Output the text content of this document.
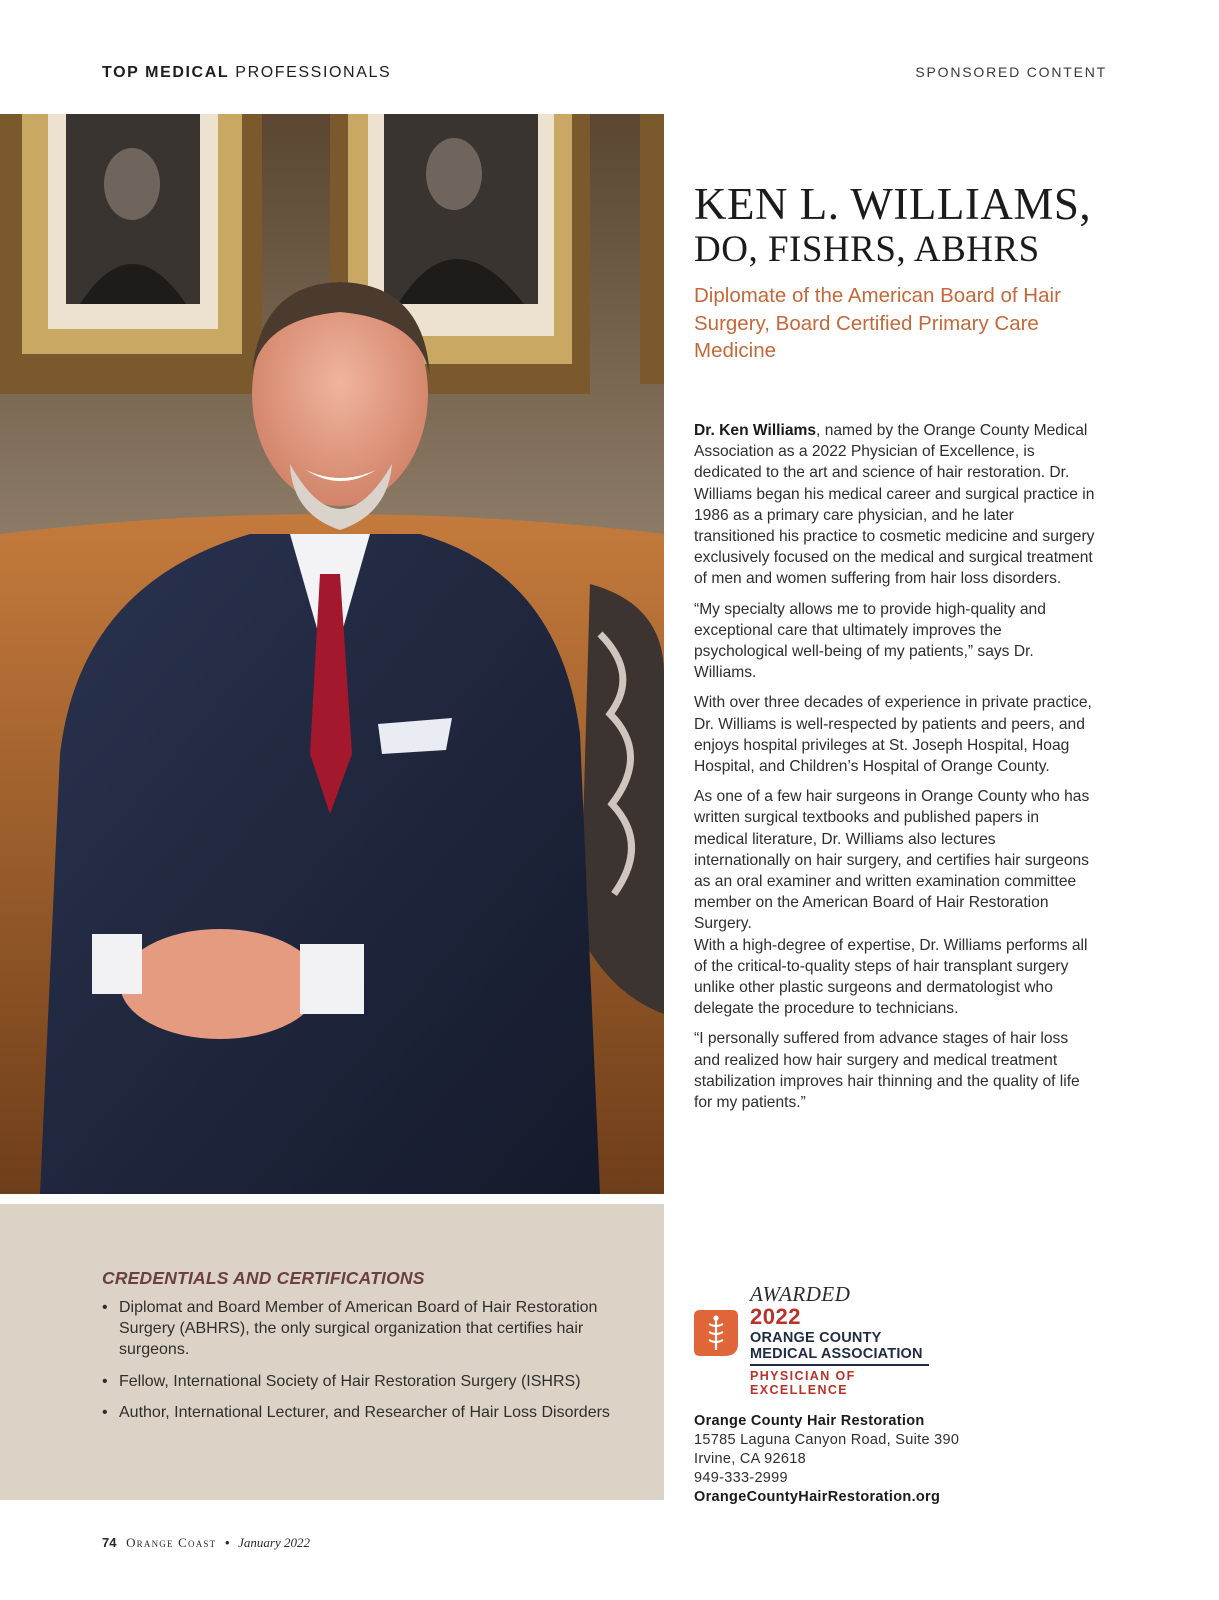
TOP MEDICAL PROFESSIONALS	SPONSORED CONTENT
KEN L. WILLIAMS,
DO, FISHRS, ABHRS
Diplomate of the American Board of Hair Surgery, Board Certified Primary Care Medicine

Dr. Ken Williams, named by the Orange County Medical Association as a 2022 Physician of Excellence, is dedicated to the art and science of hair restoration. Dr. Williams began his medical career and surgical practice in 1986 as a primary care physician, and he later transitioned his practice to cosmetic medicine and surgery exclusively focused on the medical and surgical treatment of men and women suffering from hair loss disorders.

“My specialty allows me to provide high-quality and exceptional care that ultimately improves the psychological well-being of my patients,” says Dr. Williams.

With over three decades of experience in private practice, Dr. Williams is well-respected by patients and peers, and enjoys hospital privileges at St. Joseph Hospital, Hoag Hospital, and Children’s Hospital of Orange County.

As one of a few hair surgeons in Orange County who has written surgical textbooks and published papers in medical literature, Dr. Williams also lectures internationally on hair surgery, and certifies hair surgeons as an oral examiner and written examination committee member on the American Board of Hair Restoration Surgery.
With a high-degree of expertise, Dr. Williams performs all of the critical-to-quality steps of hair transplant surgery unlike other plastic surgeons and dermatologist who delegate the procedure to technicians.

“I personally suffered from advance stages of hair loss and realized how hair surgery and medical treatment stabilization improves hair thinning and the quality of life for my patients.”

CREDENTIALS AND CERTIFICATIONS
• Diplomat and Board Member of American Board of Hair Restoration Surgery (ABHRS), the only surgical organization that certifies hair surgeons.
• Fellow, International Society of Hair Restoration Surgery (ISHRS)
• Author, International Lecturer, and Researcher of Hair Loss Disorders
AWARDED
2022
ORANGE COUNTY
MEDICAL ASSOCIATION
PHYSICIAN OF EXCELLENCE
Orange County Hair Restoration
15785 Laguna Canyon Road, Suite 390
Irvine, CA 92618
949-333-2999
OrangeCountyHairRestoration.org
74 Orange Coast • January 2022
